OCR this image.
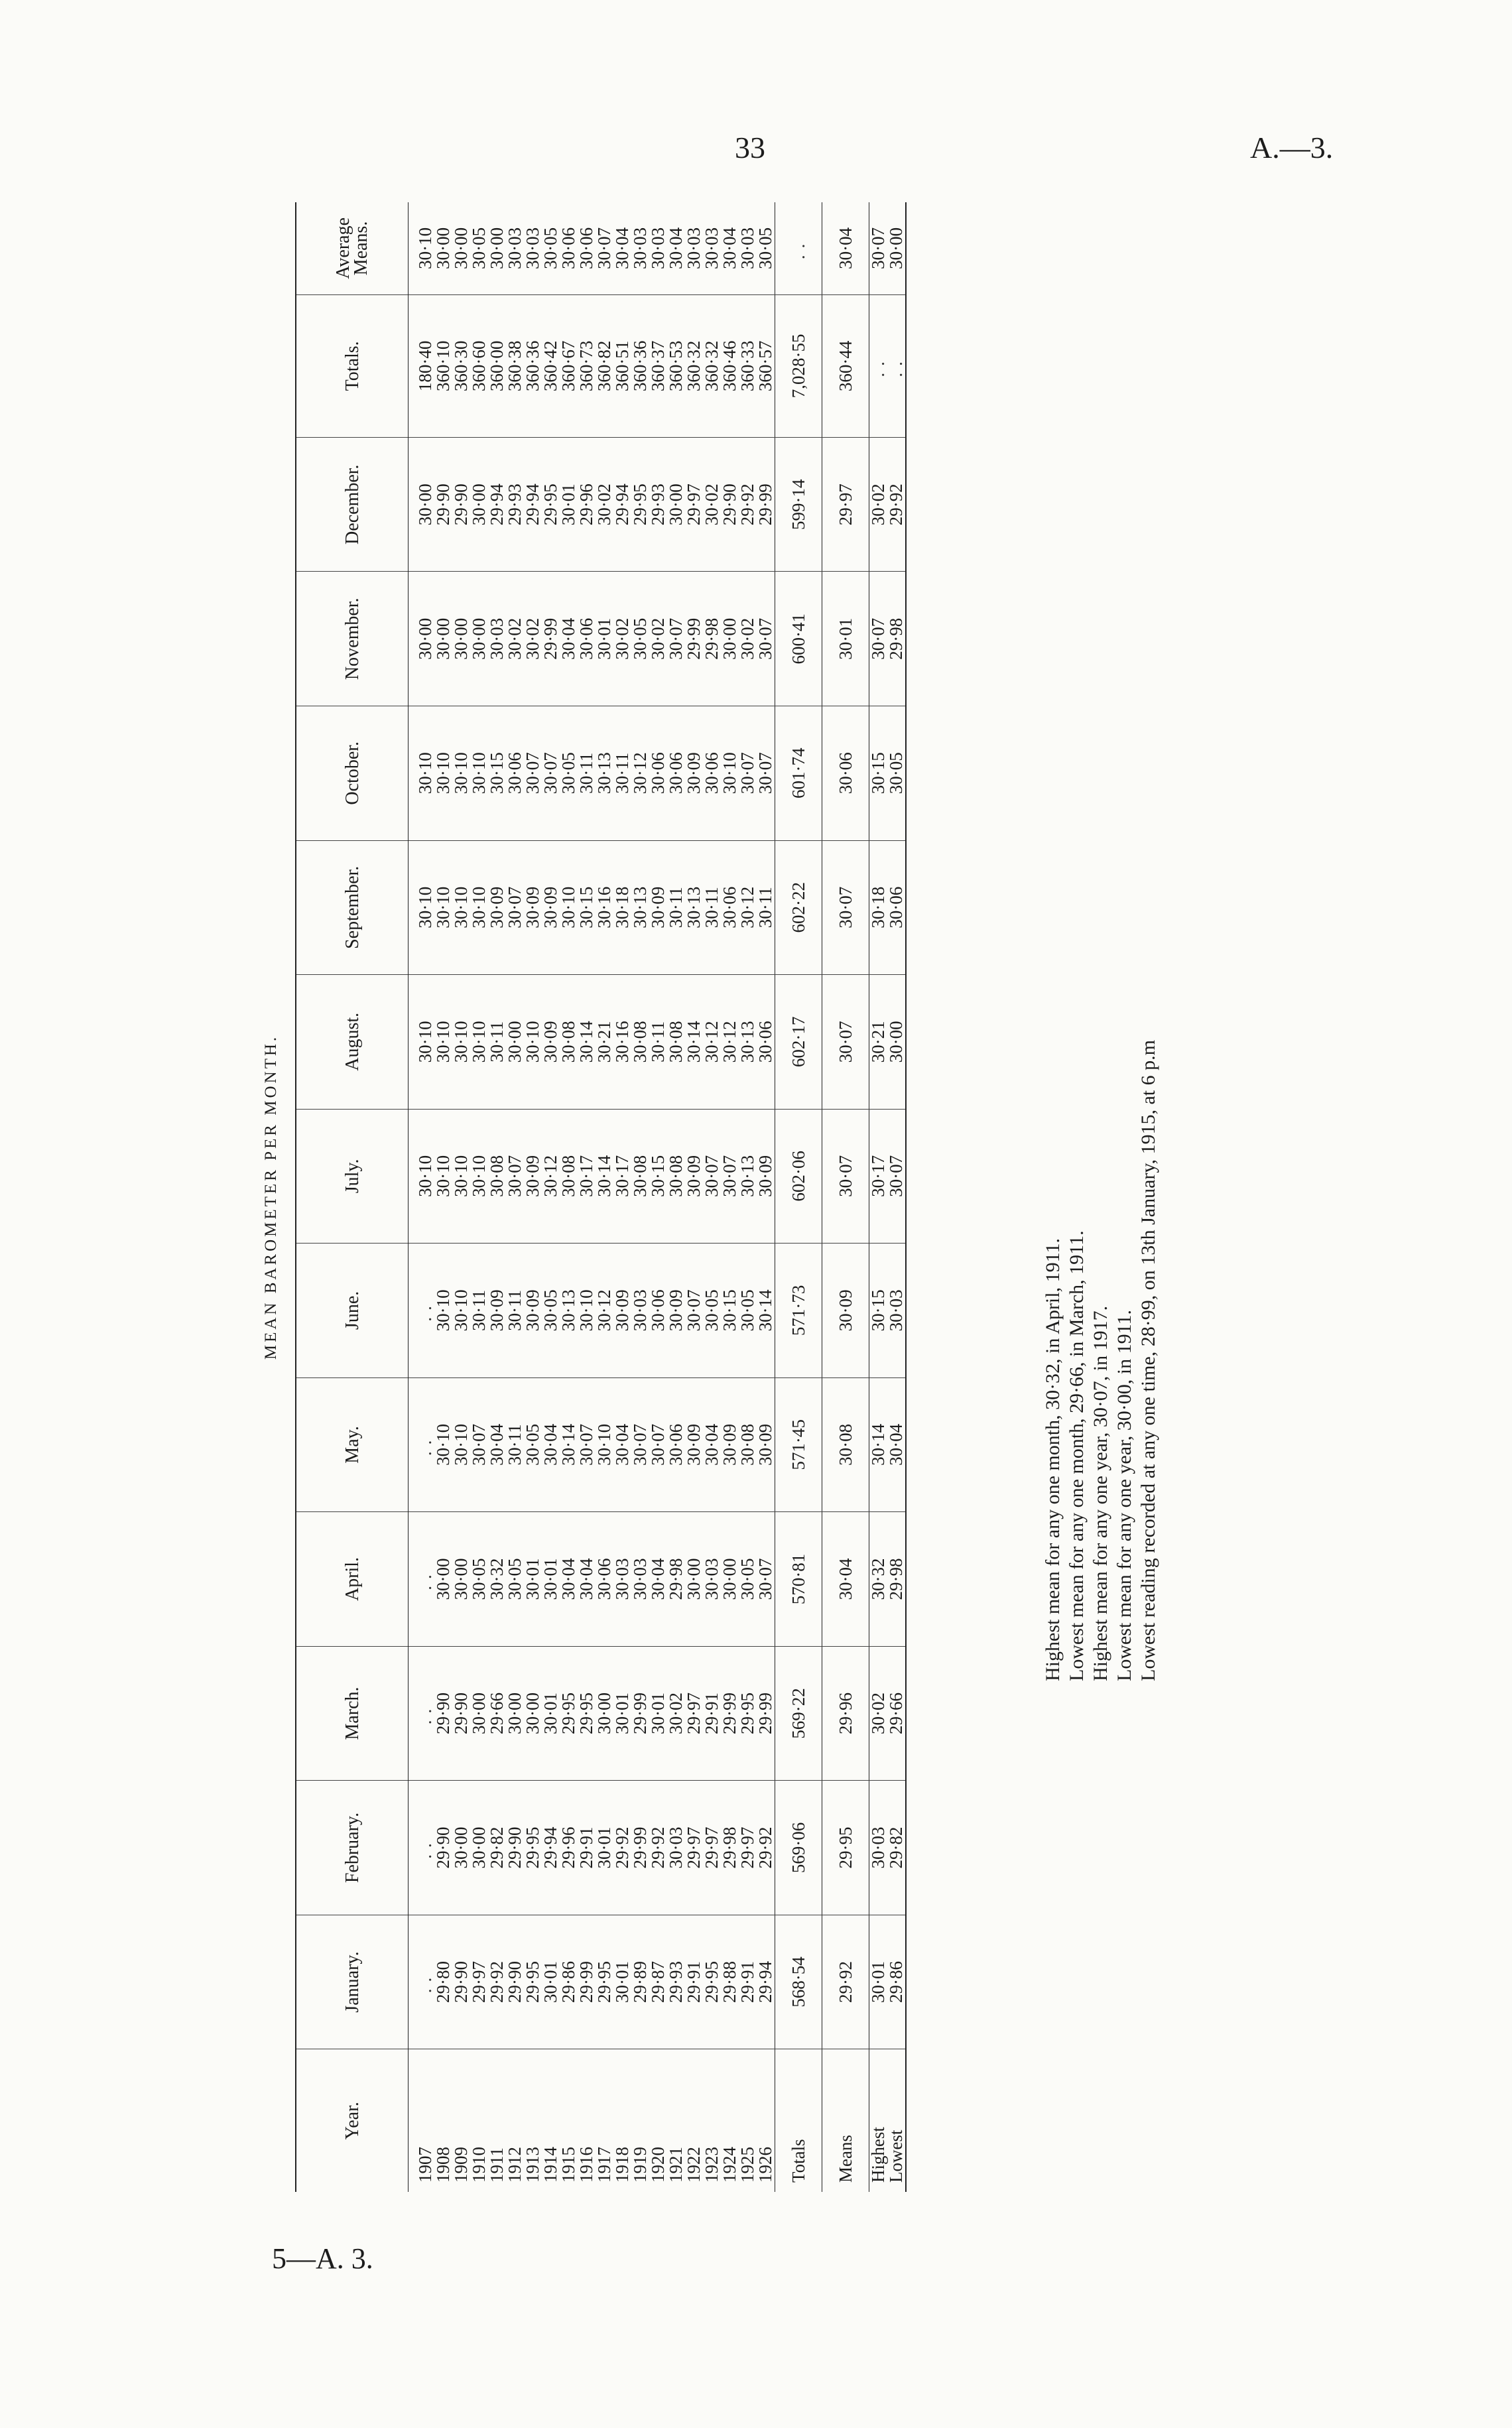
33	A.—3.
MEAN BAROMETER PER MONTH.
Year.	January.	February.	March.	April.	May.	June.	July.	August.	September.	October.	November.	December.	Totals.	Average Means.

1907	..	..	..	..	..	..	30·10	30·10	30·10	30·10	30·00	30·00	180·40	30·10
1908	29·80	29·90	29·90	30·00	30·10	30·10	30·10	30·10	30·10	30·10	30·00	29·90	360·10	30·00
1909	29·90	30·00	29·90	30·00	30·10	30·10	30·10	30·10	30·10	30·10	30·00	29·90	360·30	30·00
1910	29·97	30·00	30·00	30·05	30·07	30·11	30·10	30·10	30·10	30·10	30·00	30·00	360·60	30·05
1911	29·92	29·82	29·66	30·32	30·04	30·09	30·08	30·11	30·09	30·15	30·03	29·94	360·00	30·00
1912	29·90	29·90	30·00	30·05	30·11	30·11	30·07	30·00	30·07	30·06	30·02	29·93	360·38	30·03
1913	29·95	29·95	30·00	30·01	30·05	30·09	30·09	30·10	30·09	30·07	30·02	29·94	360·36	30·03
1914	30·01	29·94	30·01	30·01	30·04	30·05	30·12	30·09	30·09	30·07	29·99	29·95	360·42	30·05
1915	29·86	29·96	29·95	30·04	30·14	30·13	30·08	30·08	30·10	30·05	30·04	30·01	360·67	30·06
1916	29·99	29·91	29·95	30·04	30·07	30·10	30·17	30·14	30·15	30·11	30·06	29·96	360·73	30·06
1917	29·95	30·01	30·00	30·06	30·10	30·12	30·14	30·21	30·16	30·13	30·01	30·02	360·82	30·07
1918	30·01	29·92	30·01	30·03	30·04	30·09	30·17	30·16	30·18	30·11	30·02	29·94	360·51	30·04
1919	29·89	29·99	29·99	30·03	30·07	30·03	30·08	30·08	30·13	30·12	30·05	29·95	360·36	30·03
1920	29·87	29·92	30·01	30·04	30·07	30·06	30·15	30·11	30·09	30·06	30·02	29·93	360·37	30·03
1921	29·93	30·03	30·02	29·98	30·06	30·09	30·08	30·08	30·11	30·06	30·07	30·00	360·53	30·04
1922	29·91	29·97	29·97	30·00	30·09	30·07	30·09	30·14	30·13	30·09	29·99	29·97	360·32	30·03
1923	29·95	29·97	29·91	30·03	30·04	30·05	30·07	30·12	30·11	30·06	29·98	30·02	360·32	30·03
1924	29·88	29·98	29·99	30·00	30·09	30·15	30·07	30·12	30·06	30·10	30·00	29·90	360·46	30·04
1925	29·91	29·97	29·95	30·05	30·08	30·05	30·13	30·13	30·12	30·07	30·02	29·92	360·33	30·03
1926	29·94	29·92	29·99	30·07	30·09	30·14	30·09	30·06	30·11	30·07	30·07	29·99	360·57	30·05
Totals	568·54	569·06	569·22	570·81	571·45	571·73	602·06	602·17	602·22	601·74	600·41	599·14	7,028·55	..
Means	29·92	29·95	29·96	30·04	30·08	30·09	30·07	30·07	30·07	30·06	30·01	29·97	360·44	30·04
Highest	30·01	30·03	30·02	30·32	30·14	30·15	30·17	30·21	30·18	30·15	30·07	30·02	..	30·07
Lowest	29·86	29·82	29·66	29·98	30·04	30·03	30·07	30·00	30·06	30·05	29·98	29·92	..	30·00
Highest mean for any one month, 30·32, in April, 1911. Lowest mean for any one month, 29·66, in March, 1911. Highest mean for any one year, 30·07, in 1917. Lowest mean for any one year, 30·00, in 1911. Lowest reading recorded at any one time, 28·99, on 13th January, 1915, at 6 p.m
5—A. 3.
